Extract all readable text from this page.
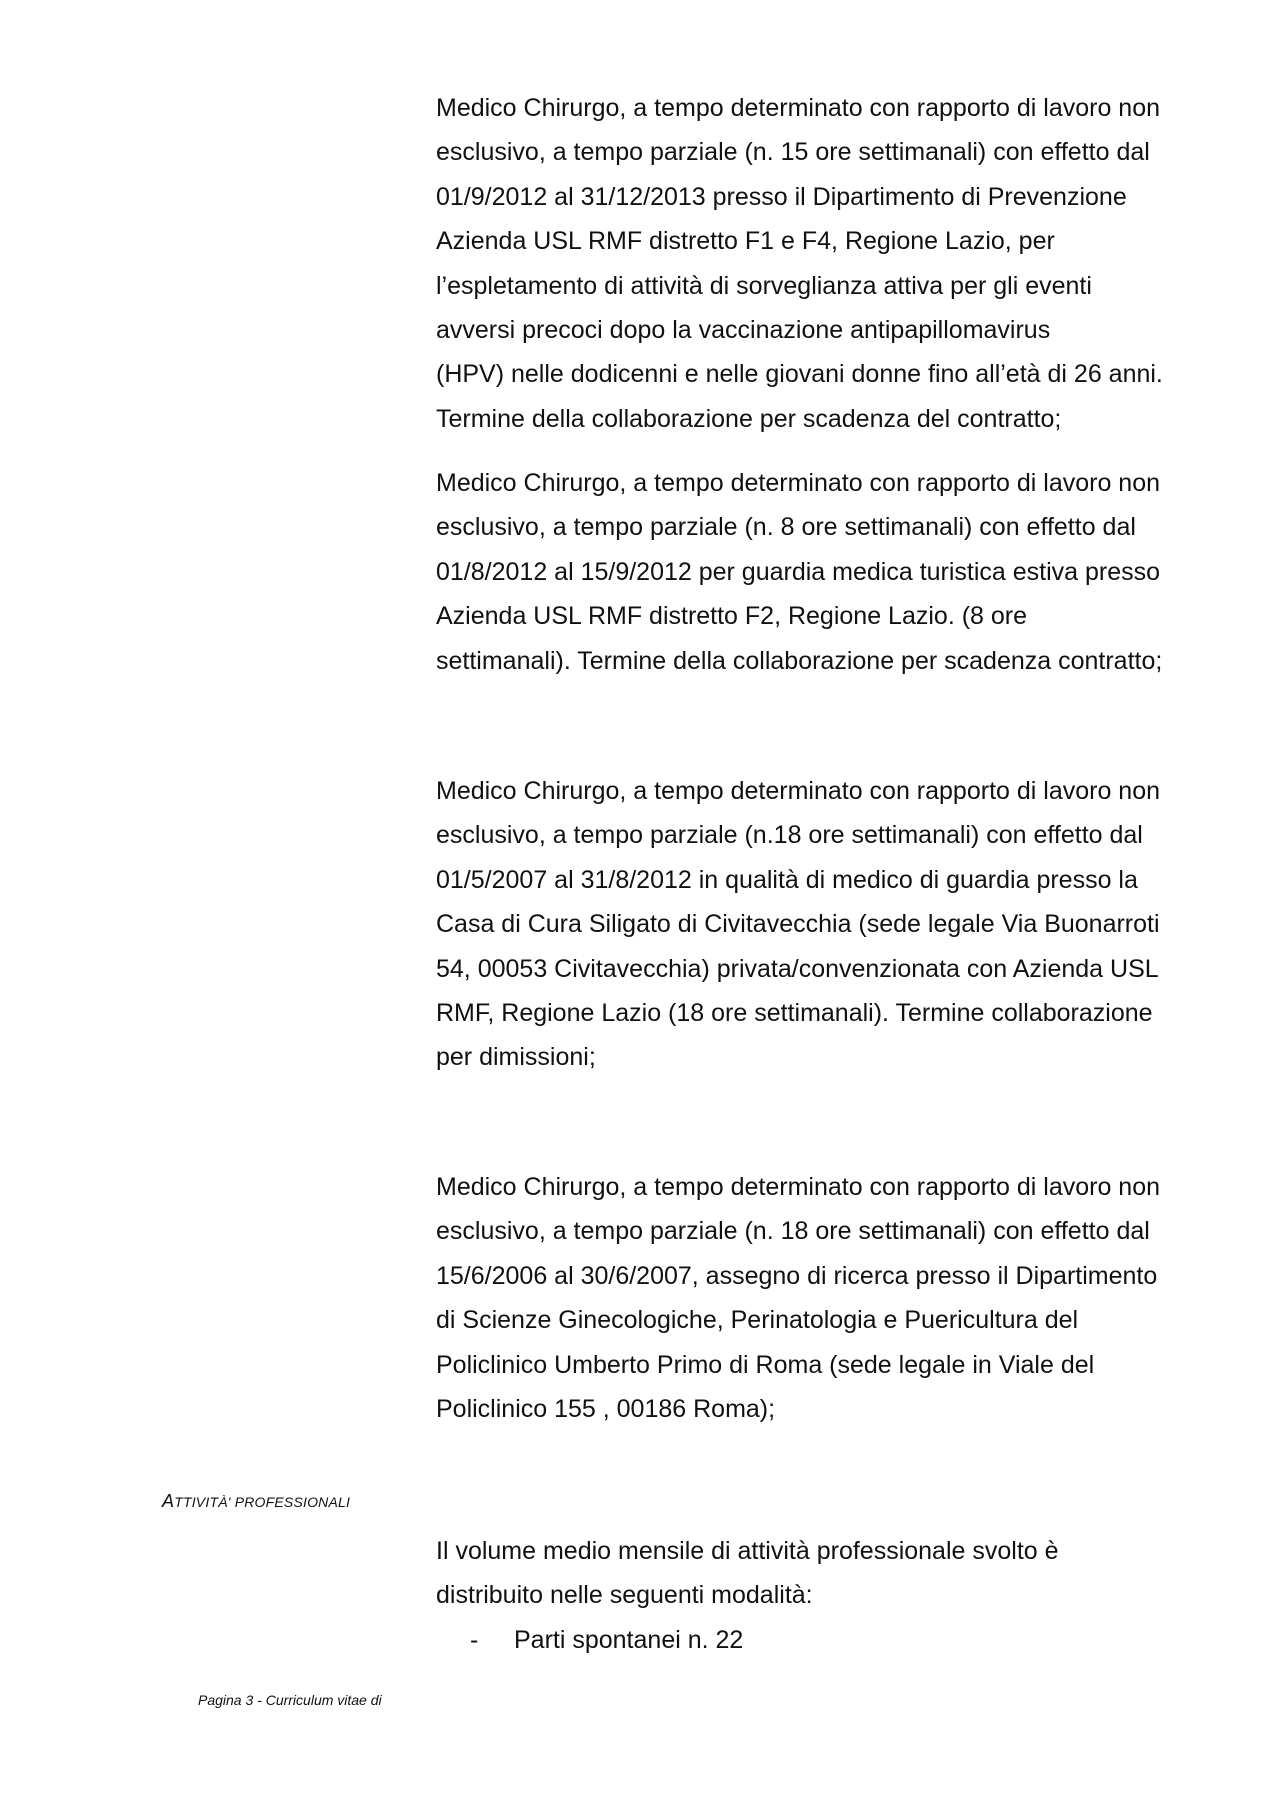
Medico Chirurgo, a tempo determinato con rapporto di lavoro non
esclusivo, a tempo parziale (n. 15 ore settimanali) con effetto dal
01/9/2012 al 31/12/2013 presso il Dipartimento di Prevenzione
Azienda USL RMF distretto F1 e F4, Regione Lazio, per
l’espletamento di attività di sorveglianza attiva per gli eventi
avversi precoci dopo la vaccinazione antipapillomavirus
(HPV) nelle dodicenni e nelle giovani donne fino all’età di 26 anni.
Termine della collaborazione per scadenza del contratto;
Medico Chirurgo, a tempo determinato con rapporto di lavoro non
esclusivo, a tempo parziale (n. 8 ore settimanali) con effetto dal
01/8/2012 al 15/9/2012 per guardia medica turistica estiva presso
Azienda USL RMF distretto F2, Regione Lazio. (8 ore
settimanali). Termine della collaborazione per scadenza contratto;
Medico Chirurgo, a tempo determinato con rapporto di lavoro non
esclusivo, a tempo parziale (n.18 ore settimanali) con effetto dal
01/5/2007 al 31/8/2012 in qualità di medico di guardia presso la
Casa di Cura Siligato di Civitavecchia (sede legale Via Buonarroti
54, 00053 Civitavecchia) privata/convenzionata con Azienda USL
RMF, Regione Lazio (18 ore settimanali). Termine collaborazione
per dimissioni;
Medico Chirurgo, a tempo determinato con rapporto di lavoro non
esclusivo, a tempo parziale (n. 18 ore settimanali) con effetto dal
15/6/2006 al 30/6/2007, assegno di ricerca presso il Dipartimento
di Scienze Ginecologiche, Perinatologia e Puericultura del
Policlinico Umberto Primo di Roma (sede legale in Viale del
Policlinico 155 , 00186 Roma);
ATTIVITÀ' PROFESSIONALI
Il volume medio mensile di attività professionale svolto è
distribuito nelle seguenti modalità:
- Parti spontanei n. 22
Pagina 3 - Curriculum vitae di
